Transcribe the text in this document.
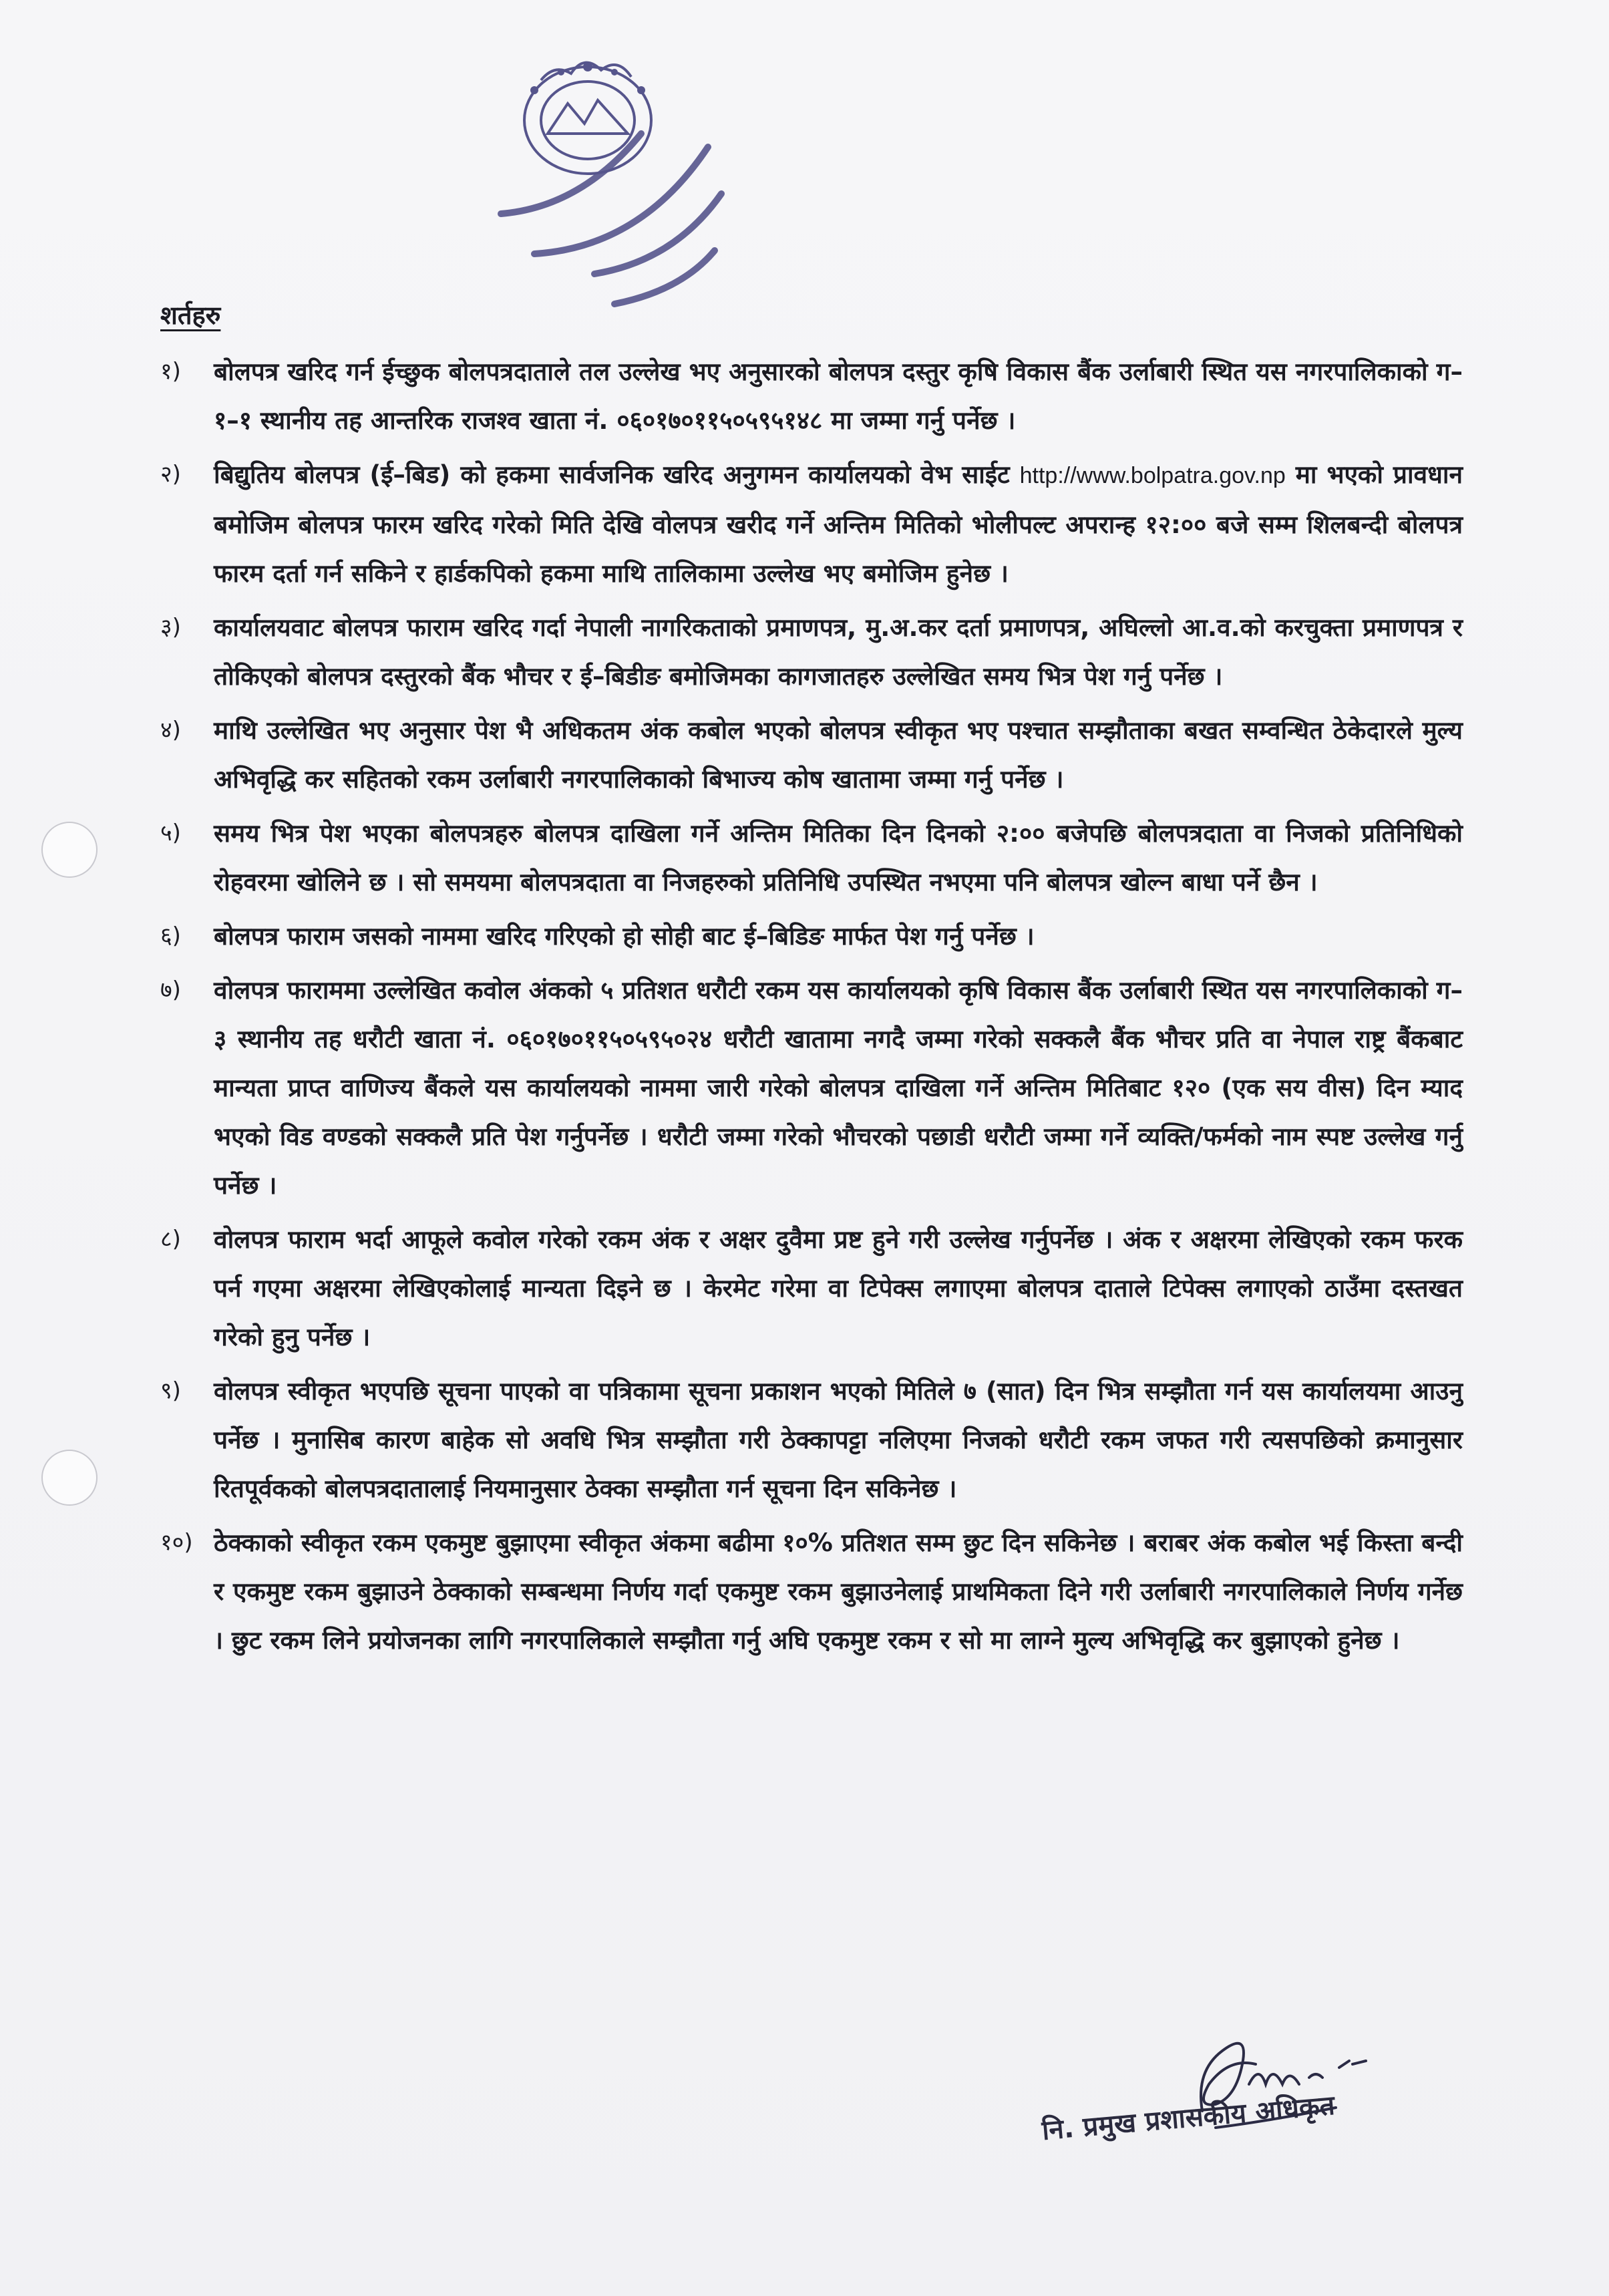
शर्तहरु
१)	बोलपत्र खरिद गर्न ईच्छुक बोलपत्रदाताले तल उल्लेख भए अनुसारको बोलपत्र दस्तुर कृषि विकास बैंक उर्लाबारी स्थित यस नगरपालिकाको ग–१–१ स्थानीय तह आन्तरिक राजश्व खाता नं. ०६०१७०११५०५९५१४८ मा जम्मा गर्नु पर्नेछ ।
२)	बिद्युतिय बोलपत्र (ई–बिड) को हकमा सार्वजनिक खरिद अनुगमन कार्यालयको वेभ साईट http://www.bolpatra.gov.np मा भएको प्रावधान बमोजिम बोलपत्र फारम खरिद गरेको मिति देखि वोलपत्र खरीद गर्ने अन्तिम मितिको भोलीपल्ट अपरान्ह १२:०० बजे सम्म शिलबन्दी बोलपत्र फारम दर्ता गर्न सकिने र हार्डकपिको हकमा माथि तालिकामा उल्लेख भए बमोजिम हुनेछ ।
३)	कार्यालयवाट बोलपत्र फाराम खरिद गर्दा नेपाली नागरिकताको प्रमाणपत्र, मु.अ.कर दर्ता प्रमाणपत्र, अघिल्लो आ.व.को करचुक्ता प्रमाणपत्र र तोकिएको बोलपत्र दस्तुरको बैंक भौचर र ई–बिडीङ बमोजिमका कागजातहरु उल्लेखित समय भित्र पेश गर्नु पर्नेछ ।
४)	माथि उल्लेखित भए अनुसार पेश भै अधिकतम अंक कबोल भएको बोलपत्र स्वीकृत भए पश्चात सम्झौताका बखत सम्वन्धित ठेकेदारले मुल्य अभिवृद्धि कर सहितको रकम उर्लाबारी नगरपालिकाको बिभाज्य कोष खातामा जम्मा गर्नु पर्नेछ ।
५)	समय भित्र पेश भएका बोलपत्रहरु बोलपत्र दाखिला गर्ने अन्तिम मितिका दिन दिनको २:०० बजेपछि बोलपत्रदाता वा निजको प्रतिनिधिको रोहवरमा खोलिने छ । सो समयमा बोलपत्रदाता वा निजहरुको प्रतिनिधि उपस्थित नभएमा पनि बोलपत्र खोल्न बाधा पर्ने छैन ।
६)	बोलपत्र फाराम जसको नाममा खरिद गरिएको हो सोही बाट ई–बिडिङ मार्फत पेश गर्नु पर्नेछ ।
७)	वोलपत्र फाराममा उल्लेखित कवोल अंकको ५ प्रतिशत धरौटी रकम यस कार्यालयको कृषि विकास बैंक उर्लाबारी स्थित यस नगरपालिकाको ग–३ स्थानीय तह धरौटी खाता नं. ०६०१७०११५०५९५०२४ धरौटी खातामा नगदै जम्मा गरेको सक्कलै बैंक भौचर प्रति वा नेपाल राष्ट्र बैंकबाट मान्यता प्राप्त वाणिज्य बैंकले यस कार्यालयको नाममा जारी गरेको बोलपत्र दाखिला गर्ने अन्तिम मितिबाट १२० (एक सय वीस) दिन म्याद भएको विड वण्डको सक्कलै प्रति पेश गर्नुपर्नेछ । धरौटी जम्मा गरेको भौचरको पछाडी धरौटी जम्मा गर्ने व्यक्ति/फर्मको नाम स्पष्ट उल्लेख गर्नु पर्नेछ ।
८)	वोलपत्र फाराम भर्दा आफूले कवोल गरेको रकम अंक र अक्षर दुवैमा प्रष्ट हुने गरी उल्लेख गर्नुपर्नेछ । अंक र अक्षरमा लेखिएको रकम फरक पर्न गएमा अक्षरमा लेखिएकोलाई मान्यता दिइने छ । केरमेट गरेमा वा टिपेक्स लगाएमा बोलपत्र दाताले टिपेक्स लगाएको ठाउँमा दस्तखत गरेको हुनु पर्नेछ ।
९)	वोलपत्र स्वीकृत भएपछि सूचना पाएको वा पत्रिकामा सूचना प्रकाशन भएको मितिले ७ (सात) दिन भित्र सम्झौता गर्न यस कार्यालयमा आउनु पर्नेछ । मुनासिब कारण बाहेक सो अवधि भित्र सम्झौता गरी ठेक्कापट्टा नलिएमा निजको धरौटी रकम जफत गरी त्यसपछिको क्रमानुसार रितपूर्वकको बोलपत्रदातालाई नियमानुसार ठेक्का सम्झौता गर्न सूचना दिन सकिनेछ ।
१०) ठेक्काको स्वीकृत रकम एकमुष्ट बुझाएमा स्वीकृत अंकमा बढीमा १०% प्रतिशत सम्म छुट दिन सकिनेछ । बराबर अंक कबोल भई किस्ता बन्दी र एकमुष्ट रकम बुझाउने ठेक्काको सम्बन्धमा निर्णय गर्दा एकमुष्ट रकम बुझाउनेलाई प्राथमिकता दिने गरी उर्लाबारी नगरपालिकाले निर्णय गर्नेछ । छुट रकम लिने प्रयोजनका लागि नगरपालिकाले सम्झौता गर्नु अघि एकमुष्ट रकम र सो मा लाग्ने मुल्य अभिवृद्धि कर बुझाएको हुनेछ ।
नि. प्रमुख प्रशासकीय अधिकृत
